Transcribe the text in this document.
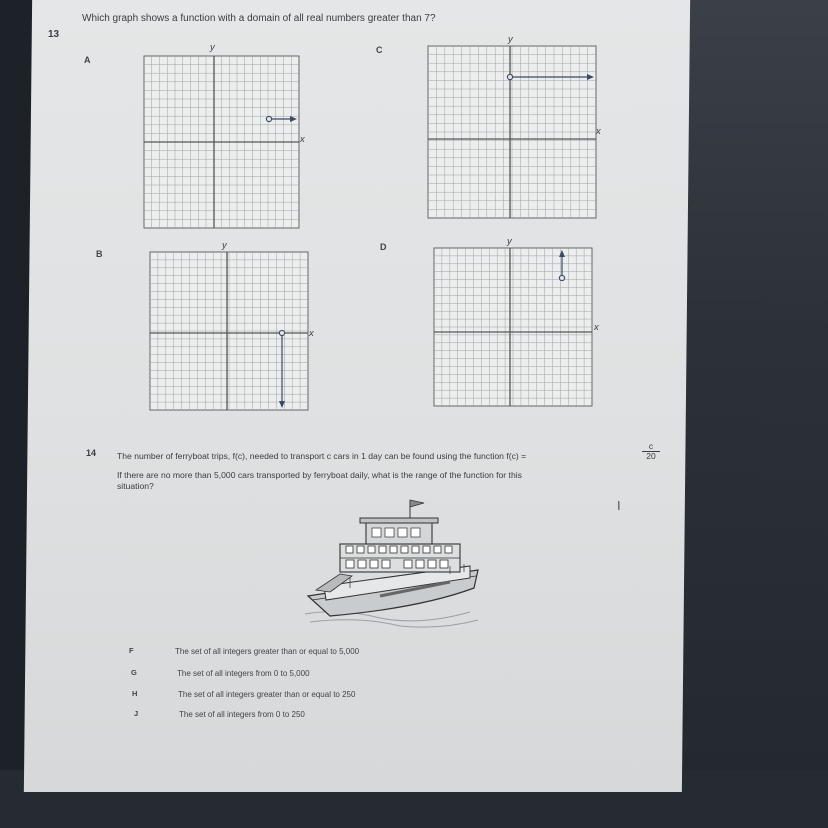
13
Which graph shows a function with a domain of all real numbers greater than 7?
A
C
B
D
y
x
y
x
y
x
y
x
14 The number of ferryboat trips, f(c), needed to transport c cars in 1 day can be found using the function f(c) =	$\frac{c}{20}$
If there are no more than 5,000 cars transported by ferryboat daily, what is the range of the function for this
situation?
I
F	The set of all integers greater than or equal to 5,000
G	The set of all integers from 0 to 5,000
H	The set of all integers greater than or equal to 250
J	The set of all integers from 0 to 250
